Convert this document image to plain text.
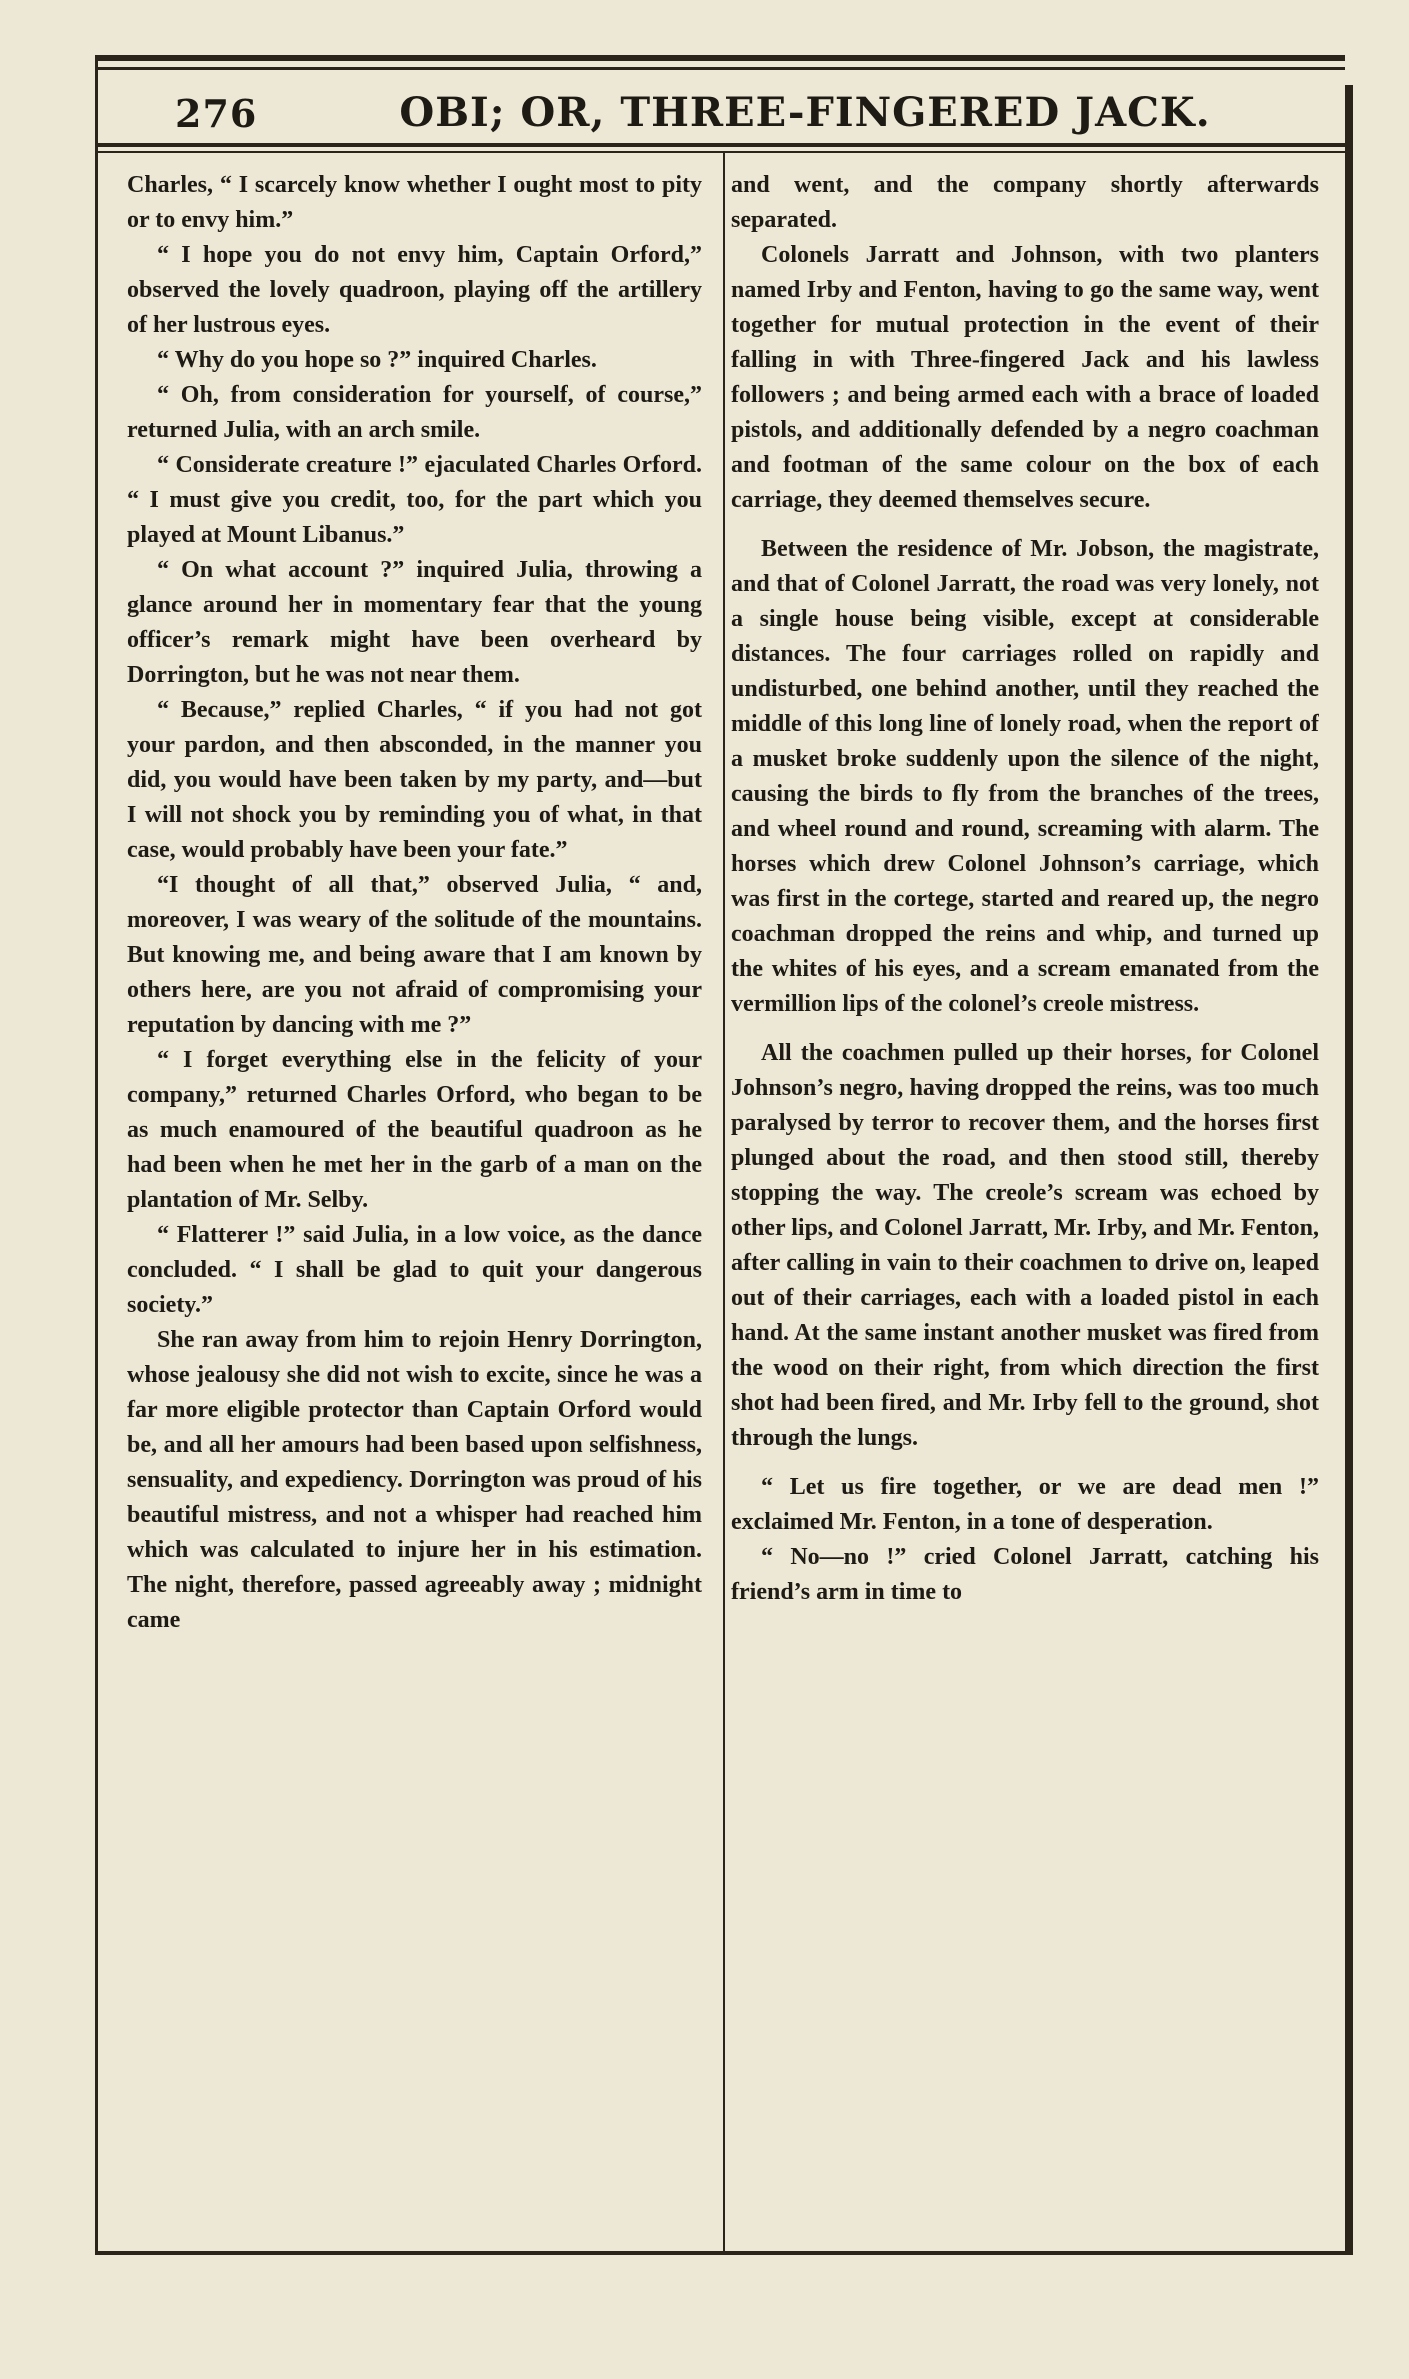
276	OBI; OR, THREE-FINGERED JACK.

Charles, “ I scarcely know whether I ought most to pity or to envy him.”

“ I hope you do not envy him, Captain Orford,” observed the lovely quadroon, playing off the artillery of her lustrous eyes.

“ Why do you hope so ?” inquired Charles.

“ Oh, from consideration for yourself, of course,” returned Julia, with an arch smile.

“ Considerate creature !” ejaculated Charles Orford. “ I must give you credit, too, for the part which you played at Mount Libanus.”

“ On what account ?” inquired Julia, throwing a glance around her in momentary fear that the young officer’s remark might have been overheard by Dorrington, but he was not near them.

“ Because,” replied Charles, “ if you had not got your pardon, and then absconded, in the manner you did, you would have been taken by my party, and—but I will not shock you by reminding you of what, in that case, would probably have been your fate.”

“I thought of all that,” observed Julia, “ and, moreover, I was weary of the solitude of the mountains. But knowing me, and being aware that I am known by others here, are you not afraid of compromising your reputation by dancing with me ?”

“ I forget everything else in the felicity of your company,” returned Charles Orford, who began to be as much enamoured of the beautiful quadroon as he had been when he met her in the garb of a man on the plantation of Mr. Selby.

“ Flatterer !” said Julia, in a low voice, as the dance concluded. “ I shall be glad to quit your dangerous society.”

She ran away from him to rejoin Henry Dorrington, whose jealousy she did not wish to excite, since he was a far more eligible protector than Captain Orford would be, and all her amours had been based upon selfishness, sensuality, and expediency. Dorrington was proud of his beautiful mistress, and not a whisper had reached him which was calculated to injure her in his estimation. The night, therefore, passed agreeably away ; midnight came

and went, and the company shortly afterwards separated.

Colonels Jarratt and Johnson, with two planters named Irby and Fenton, having to go the same way, went together for mutual protection in the event of their falling in with Three-fingered Jack and his lawless followers ; and being armed each with a brace of loaded pistols, and additionally defended by a negro coachman and footman of the same colour on the box of each carriage, they deemed themselves secure.

Between the residence of Mr. Jobson, the magistrate, and that of Colonel Jarratt, the road was very lonely, not a single house being visible, except at considerable distances. The four carriages rolled on rapidly and undisturbed, one behind another, until they reached the middle of this long line of lonely road, when the report of a musket broke suddenly upon the silence of the night, causing the birds to fly from the branches of the trees, and wheel round and round, screaming with alarm. The horses which drew Colonel Johnson’s carriage, which was first in the cortege, started and reared up, the negro coachman dropped the reins and whip, and turned up the whites of his eyes, and a scream emanated from the vermillion lips of the colonel’s creole mistress.

All the coachmen pulled up their horses, for Colonel Johnson’s negro, having dropped the reins, was too much paralysed by terror to recover them, and the horses first plunged about the road, and then stood still, thereby stopping the way. The creole’s scream was echoed by other lips, and Colonel Jarratt, Mr. Irby, and Mr. Fenton, after calling in vain to their coachmen to drive on, leaped out of their carriages, each with a loaded pistol in each hand. At the same instant another musket was fired from the wood on their right, from which direction the first shot had been fired, and Mr. Irby fell to the ground, shot through the lungs.

“ Let us fire together, or we are dead men !” exclaimed Mr. Fenton, in a tone of desperation.

“ No—no !” cried Colonel Jarratt, catching his friend’s arm in time to
